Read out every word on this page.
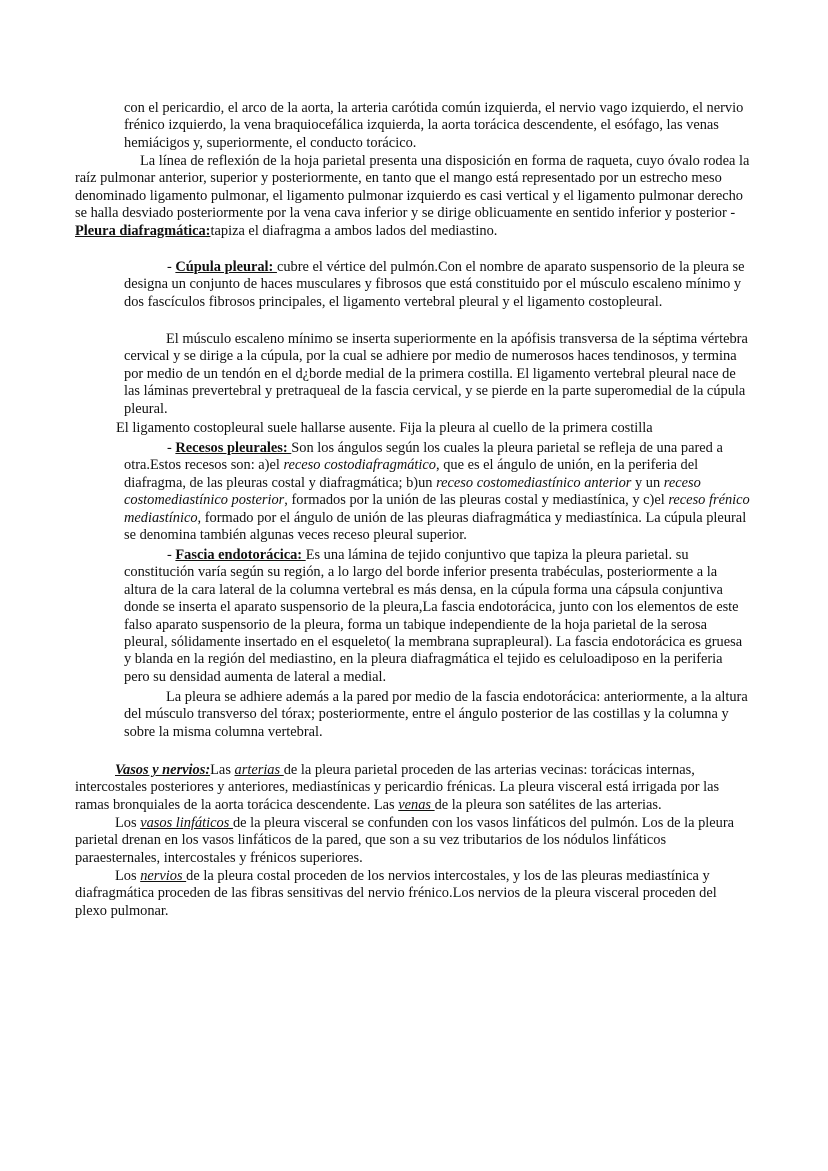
con el pericardio, el arco de la aorta, la arteria carótida común izquierda, el nervio vago izquierdo, el nervio frénico izquierdo, la vena braquiocefálica izquierda, la aorta torácica descendente, el esófago, las venas hemiácigos y, superiormente, el conducto torácico.

La línea de reflexión de la hoja parietal presenta una disposición en forma de raqueta, cuyo óvalo rodea la raíz pulmonar anterior, superior y posteriormente, en tanto que el mango está representado por un estrecho meso denominado ligamento pulmonar, el ligamento pulmonar izquierdo es casi vertical y el ligamento pulmonar derecho se halla desviado posteriormente por la vena cava inferior y se dirige oblicuamente en sentido inferior y posterior - Pleura diafragmática:tapiza el diafragma a ambos lados del mediastino.

- Cúpula pleural: cubre el vértice del pulmón.Con el nombre de aparato suspensorio de la pleura se designa un conjunto de haces musculares y fibrosos que está constituido por el músculo escaleno mínimo y dos fascículos fibrosos principales, el ligamento vertebral pleural y el ligamento costopleural.

El músculo escaleno mínimo se inserta superiormente en la apófisis transversa de la séptima vértebra cervical y se dirige a la cúpula, por la cual se adhiere por medio de numerosos haces tendinosos, y termina por medio de un tendón en el d¿borde medial de la primera costilla. El ligamento vertebral pleural nace de las láminas prevertebral y pretraqueal de la fascia cervical, y se pierde en la parte superomedial de la cúpula pleural.

El ligamento costopleural suele hallarse ausente. Fija la pleura al cuello de la primera costilla

- Recesos pleurales: Son los ángulos según los cuales la pleura parietal se refleja de una pared a otra.Estos recesos son: a)el receso costodiafragmático, que es el ángulo de unión, en la periferia del diafragma, de las pleuras costal y diafragmática; b)un receso costomediastínico anterior y un receso costomediastínico posterior, formados por la unión de las pleuras costal y mediastínica, y c)el receso frénico mediastínico, formado por el ángulo de unión de las pleuras diafragmática y mediastínica. La cúpula pleural se denomina también algunas veces receso pleural superior.

- Fascia endotorácica: Es una lámina de tejido conjuntivo que tapiza la pleura parietal. su constitución varía según su región, a lo largo del borde inferior presenta trabéculas, posteriormente a la altura de la cara lateral de la columna vertebral es más densa, en la cúpula forma una cápsula conjuntiva donde se inserta el aparato suspensorio de la pleura,La fascia endotorácica, junto con los elementos de este falso aparato suspensorio de la pleura, forma un tabique independiente de la hoja parietal de la serosa pleural, sólidamente insertado en el esqueleto( la membrana suprapleural). La fascia endotorácica es gruesa y blanda en la región del mediastino, en la pleura diafragmática el tejido es celuloadiposo en la periferia pero su densidad aumenta de lateral a medial.

La pleura se adhiere además a la pared por medio de la fascia endotorácica: anteriormente, a la altura del músculo transverso del tórax; posteriormente, entre el ángulo posterior de las costillas y la columna y sobre la misma columna vertebral.

Vasos y nervios:Las arterias de la pleura parietal proceden de las arterias vecinas: torácicas internas, intercostales posteriores y anteriores, mediastínicas y pericardio frénicas. La pleura visceral está irrigada por las ramas bronquiales de la aorta torácica descendente. Las venas de la pleura son satélites de las arterias.

Los vasos linfáticos de la pleura visceral se confunden con los vasos linfáticos del pulmón. Los de la pleura parietal drenan en los vasos linfáticos de la pared, que son a su vez tributarios de los nódulos linfáticos paraesternales, intercostales y frénicos superiores.

Los nervios de la pleura costal proceden de los nervios intercostales, y los de las pleuras mediastínica y diafragmática proceden de las fibras sensitivas del nervio frénico.Los nervios de la pleura visceral proceden del plexo pulmonar.
